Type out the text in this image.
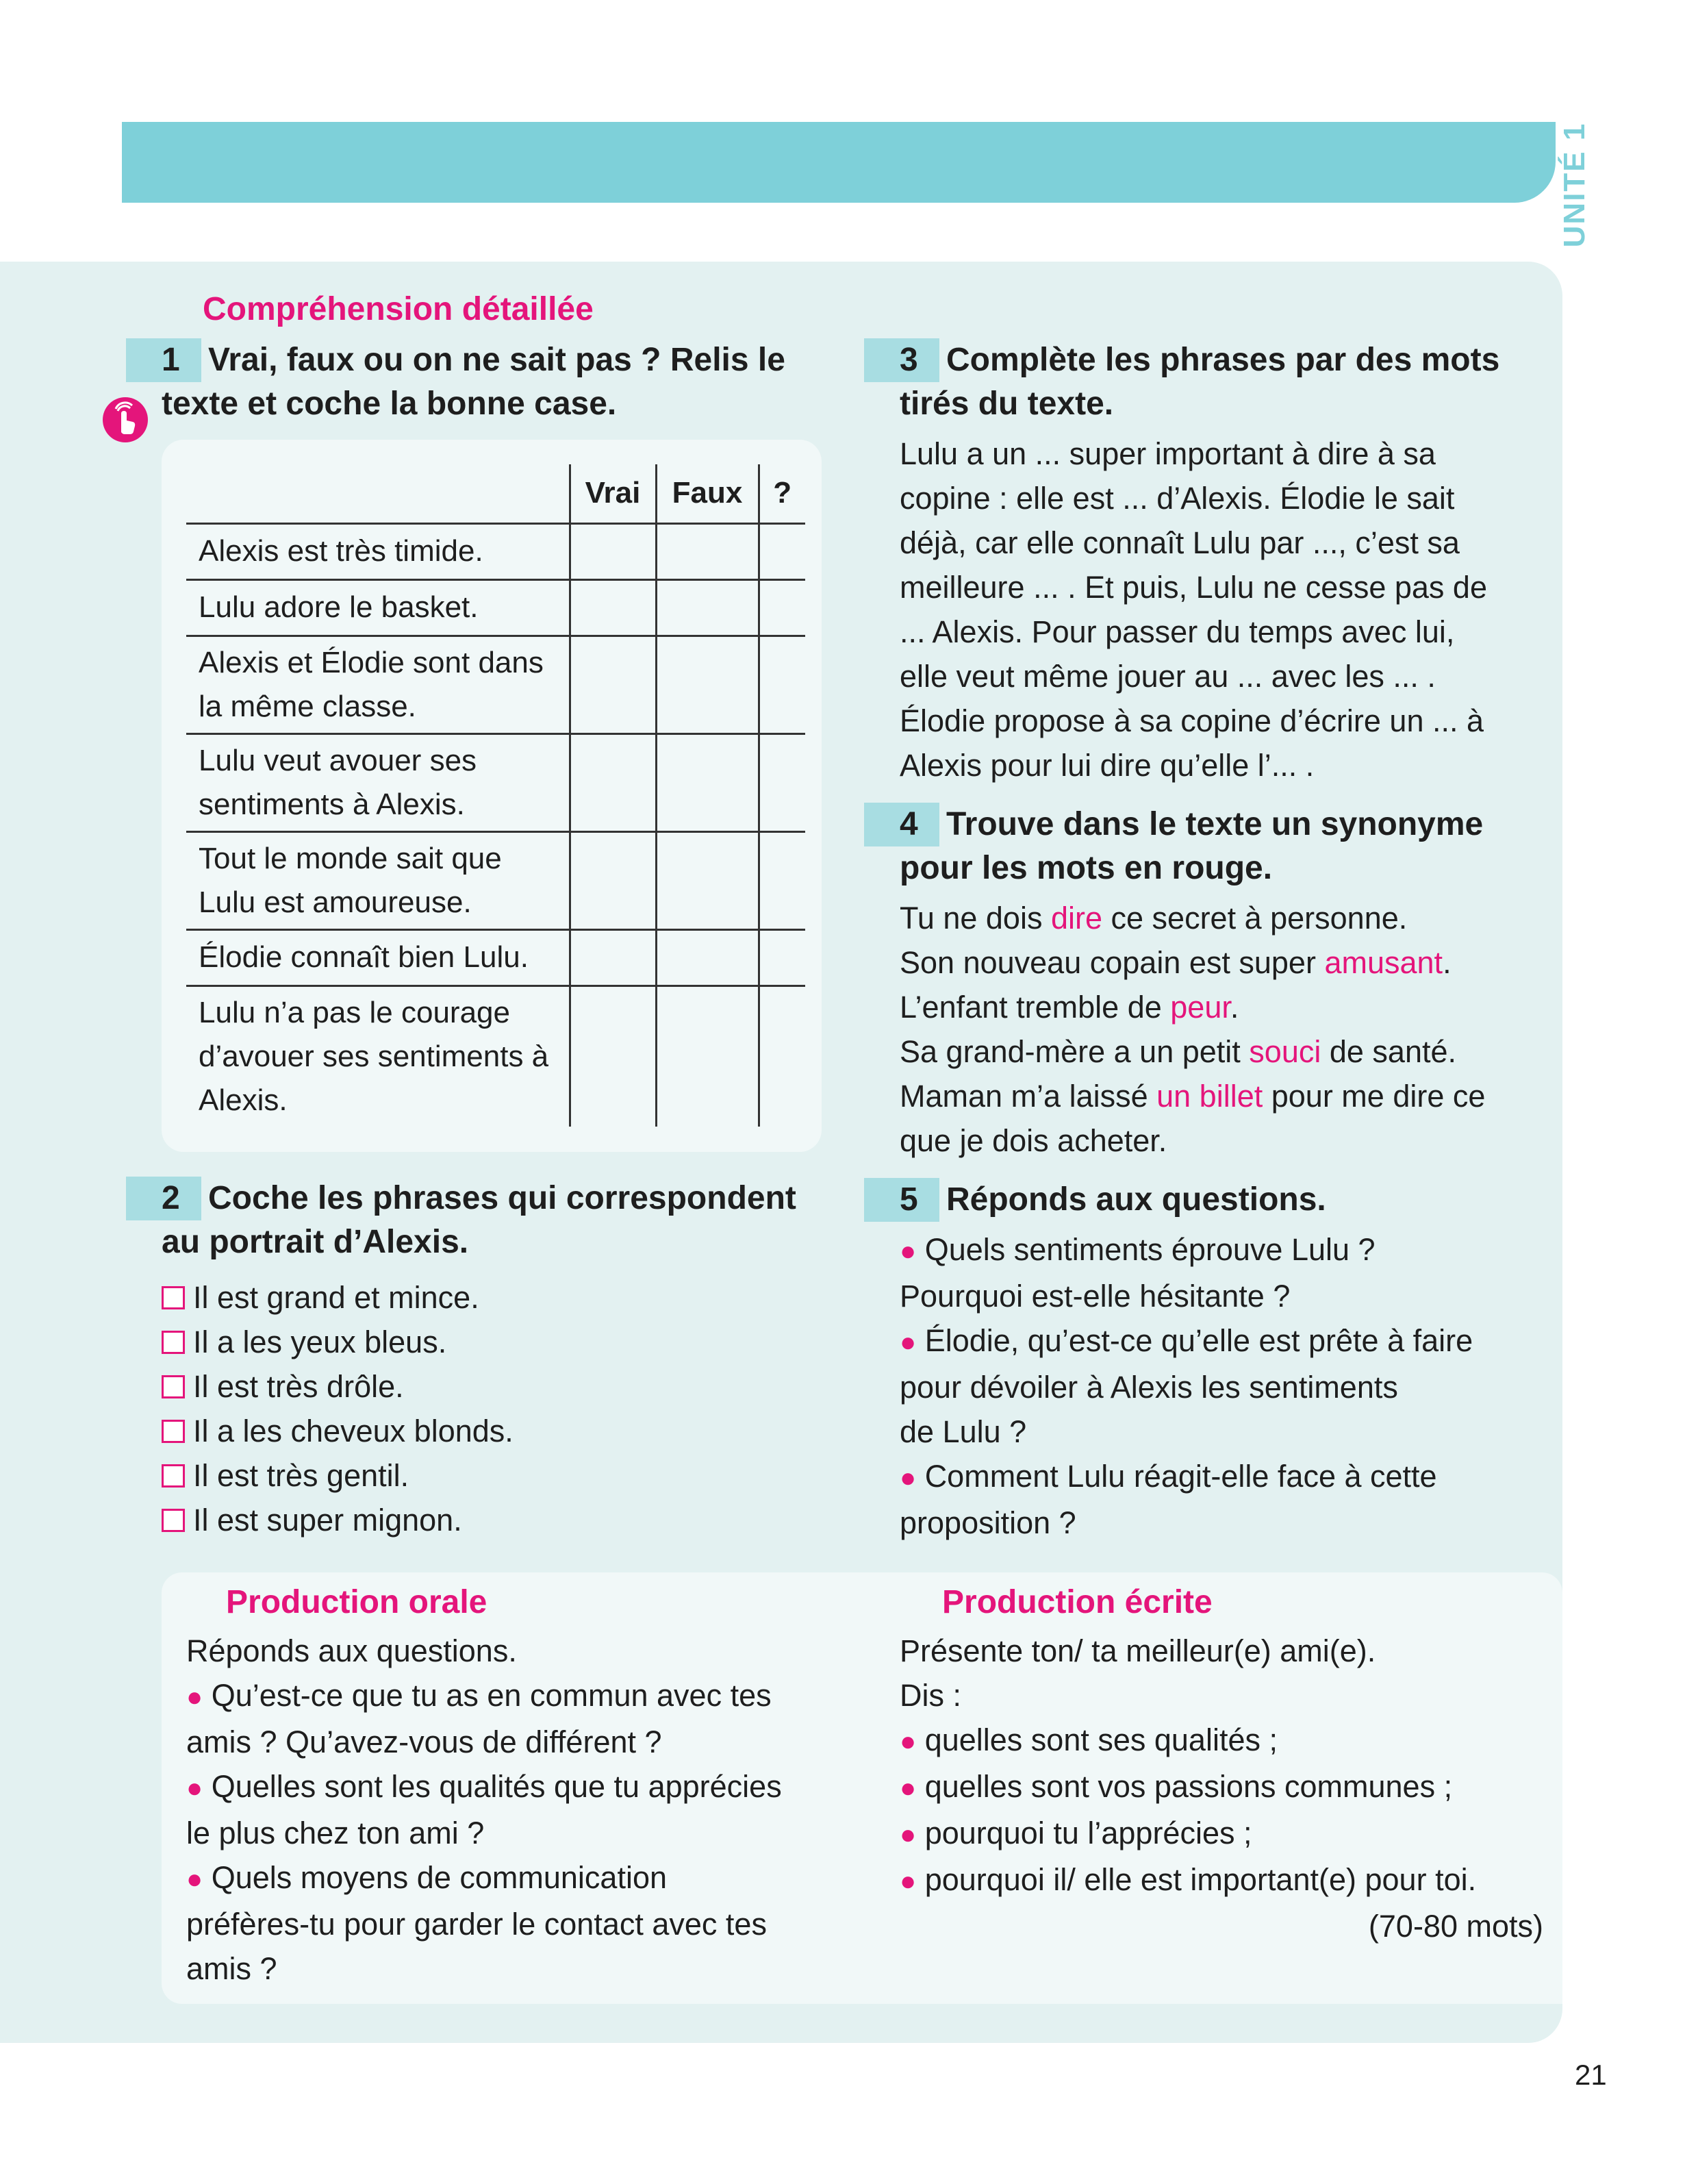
UNITÉ 1
Compréhension détaillée
1 Vrai, faux ou on ne sait pas ? Relis le
texte et coche la bonne case.
	Vrai	Faux	?
Alexis est très timide.			
Lulu adore le basket.			
Alexis et Élodie sont dans la même classe.			
Lulu veut avouer ses sentiments à Alexis.			
Tout le monde sait que Lulu est amoureuse.			
Élodie connaît bien Lulu.			
Lulu n’a pas le courage d’avouer ses sentiments à Alexis.			
2 Coche les phrases qui correspondent
au portrait d’Alexis.
Il est grand et mince.
Il a les yeux bleus.
Il est très drôle.
Il a les cheveux blonds.
Il est très gentil.
Il est super mignon.
3 Complète les phrases par des mots
tirés du texte.
Lulu a un ... super important à dire à sa
copine : elle est ... d’Alexis. Élodie le sait
déjà, car elle connaît Lulu par ..., c’est sa
meilleure ... . Et puis, Lulu ne cesse pas de
... Alexis. Pour passer du temps avec lui,
elle veut même jouer au ... avec les ... .
Élodie propose à sa copine d’écrire un ... à
Alexis pour lui dire qu’elle l’... .
4 Trouve dans le texte un synonyme
pour les mots en rouge.
Tu ne dois dire ce secret à personne.
Son nouveau copain est super amusant.
L’enfant tremble de peur.
Sa grand-mère a un petit souci de santé.
Maman m’a laissé un billet pour me dire ce
que je dois acheter.
5 Réponds aux questions.
● Quels sentiments éprouve Lulu ?
Pourquoi est-elle hésitante ?
● Élodie, qu’est-ce qu’elle est prête à faire
pour dévoiler à Alexis les sentiments
de Lulu ?
● Comment Lulu réagit-elle face à cette
proposition ?
Production orale
Réponds aux questions.
● Qu’est-ce que tu as en commun avec tes
amis ? Qu’avez-vous de différent ?
● Quelles sont les qualités que tu apprécies
le plus chez ton ami ?
● Quels moyens de communication
préfères-tu pour garder le contact avec tes
amis ?
Production écrite
Présente ton/ ta meilleur(e) ami(e).
Dis :
● quelles sont ses qualités ;
● quelles sont vos passions communes ;
● pourquoi tu l’apprécies ;
● pourquoi il/ elle est important(e) pour toi.
(70-80 mots)
21
